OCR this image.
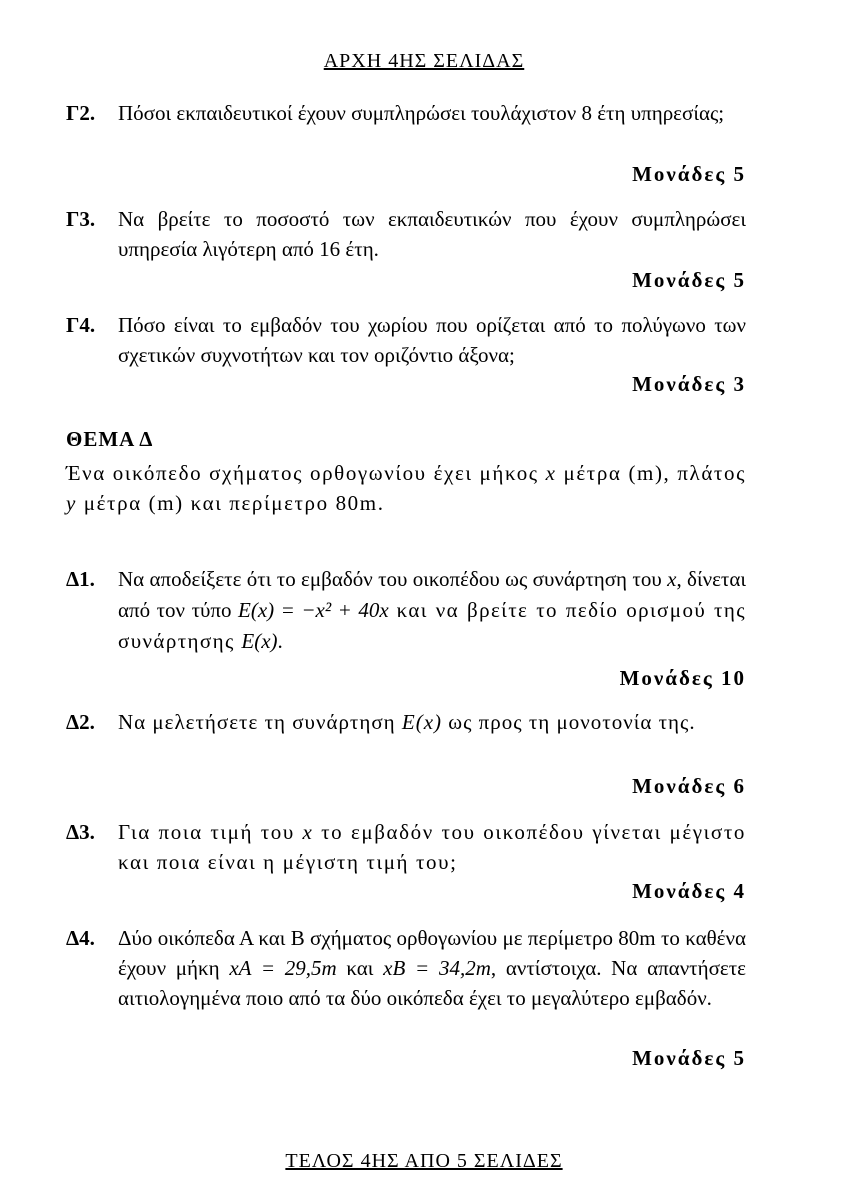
ΑΡΧΗ 4ΗΣ ΣΕΛΙΔΑΣ
Γ2. Πόσοι εκπαιδευτικοί έχουν συμπληρώσει τουλάχιστον 8 έτη υπηρεσίας;
Μονάδες 5
Γ3. Να βρείτε το ποσοστό των εκπαιδευτικών που έχουν συμπληρώσει υπηρεσία λιγότερη από 16 έτη.
Μονάδες 5
Γ4. Πόσο είναι το εμβαδόν του χωρίου που ορίζεται από το πολύγωνο των σχετικών συχνοτήτων και τον οριζόντιο άξονα;
Μονάδες 3
ΘΕΜΑ Δ
Ένα οικόπεδο σχήματος ορθογωνίου έχει μήκος x μέτρα (m), πλάτος y μέτρα (m) και περίμετρο 80m.
Δ1. Να αποδείξετε ότι το εμβαδόν του οικοπέδου ως συνάρτηση του x, δίνεται από τον τύπο E(x) = −x² + 40x και να βρείτε το πεδίο ορισμού της συνάρτησης E(x).
Μονάδες 10
Δ2. Να μελετήσετε τη συνάρτηση E(x) ως προς τη μονοτονία της.
Μονάδες 6
Δ3. Για ποια τιμή του x το εμβαδόν του οικοπέδου γίνεται μέγιστο και ποια είναι η μέγιστη τιμή του;
Μονάδες 4
Δ4. Δύο οικόπεδα Α και Β σχήματος ορθογωνίου με περίμετρο 80m το καθένα έχουν μήκη xA = 29,5m και xB = 34,2m, αντίστοιχα. Να απαντήσετε αιτιολογημένα ποιο από τα δύο οικόπεδα έχει το μεγαλύτερο εμβαδόν.
Μονάδες 5
ΤΕΛΟΣ 4ΗΣ ΑΠΟ 5 ΣΕΛΙΔΕΣ
